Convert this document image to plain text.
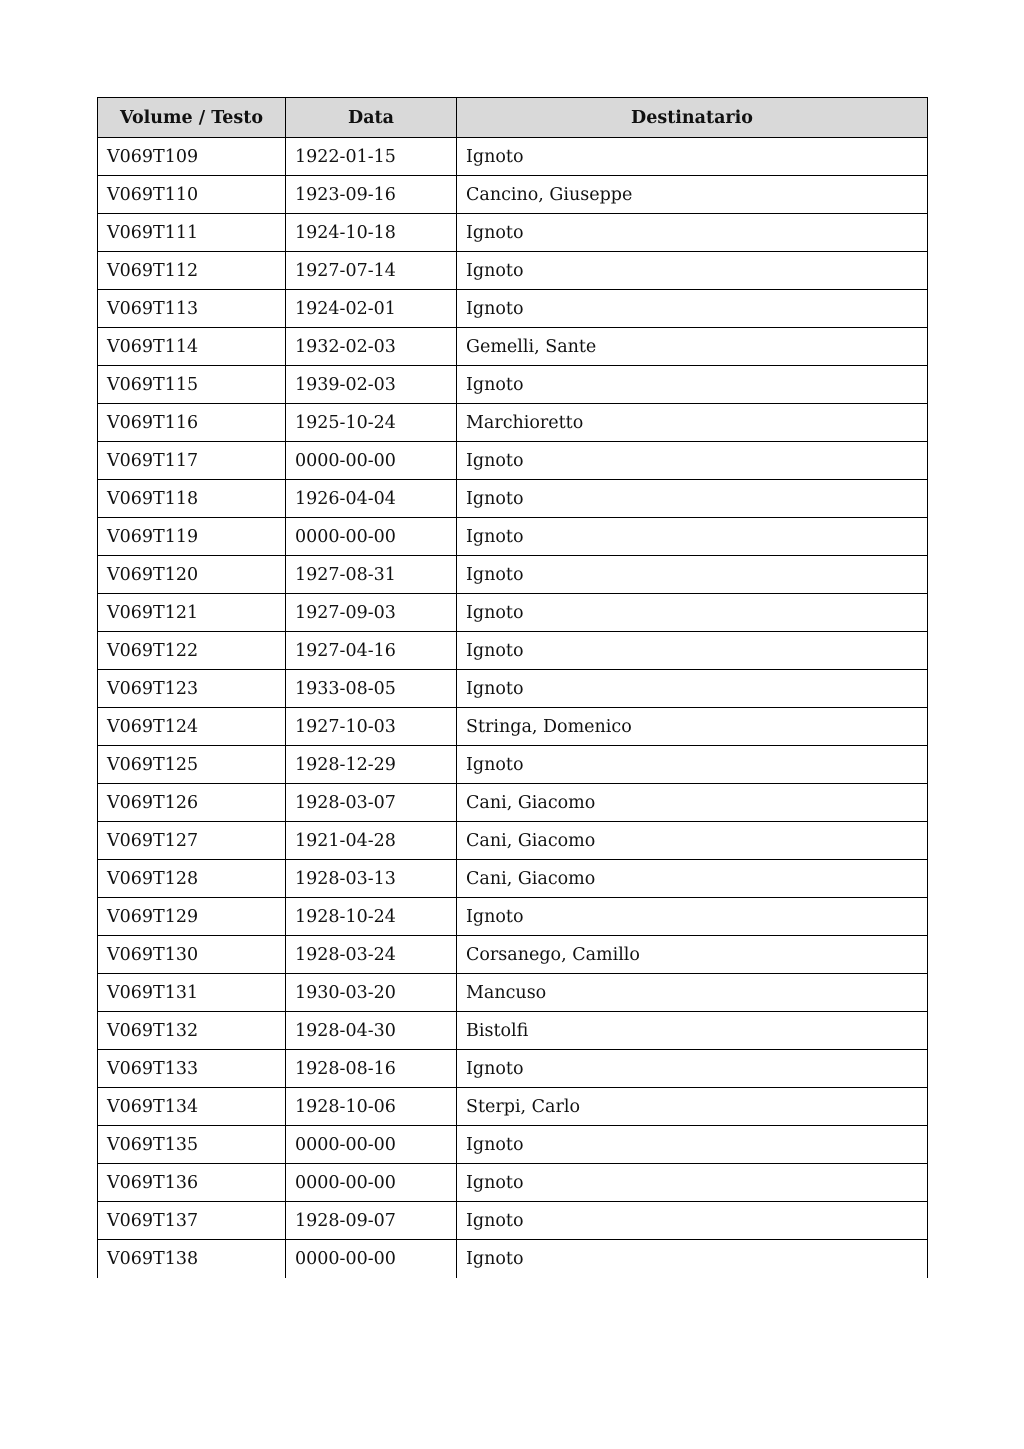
Volume / Testo	Data	Destinatario
V069T109	1922-01-15	Ignoto
V069T110	1923-09-16	Cancino, Giuseppe
V069T111	1924-10-18	Ignoto
V069T112	1927-07-14	Ignoto
V069T113	1924-02-01	Ignoto
V069T114	1932-02-03	Gemelli, Sante
V069T115	1939-02-03	Ignoto
V069T116	1925-10-24	Marchioretto
V069T117	0000-00-00	Ignoto
V069T118	1926-04-04	Ignoto
V069T119	0000-00-00	Ignoto
V069T120	1927-08-31	Ignoto
V069T121	1927-09-03	Ignoto
V069T122	1927-04-16	Ignoto
V069T123	1933-08-05	Ignoto
V069T124	1927-10-03	Stringa, Domenico
V069T125	1928-12-29	Ignoto
V069T126	1928-03-07	Cani, Giacomo
V069T127	1921-04-28	Cani, Giacomo
V069T128	1928-03-13	Cani, Giacomo
V069T129	1928-10-24	Ignoto
V069T130	1928-03-24	Corsanego, Camillo
V069T131	1930-03-20	Mancuso
V069T132	1928-04-30	Bistolfi
V069T133	1928-08-16	Ignoto
V069T134	1928-10-06	Sterpi, Carlo
V069T135	0000-00-00	Ignoto
V069T136	0000-00-00	Ignoto
V069T137	1928-09-07	Ignoto
V069T138	0000-00-00	Ignoto
